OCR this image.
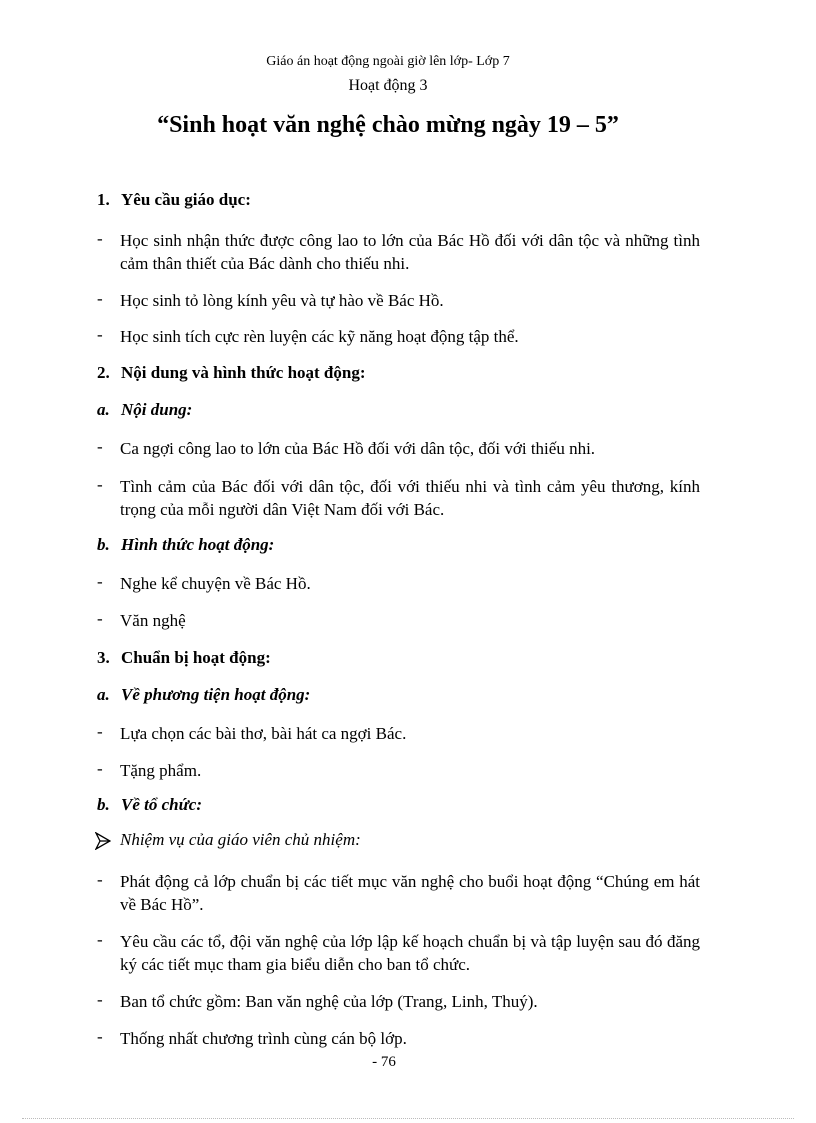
Giáo án hoạt động ngoài giờ lên lớp- Lớp 7
Hoạt động 3
“Sinh hoạt văn nghệ chào mừng ngày 19 – 5”
1. Yêu cầu giáo dục:
- Học sinh nhận thức được công lao to lớn của Bác Hồ đối với dân tộc và những tình cảm thân thiết của Bác dành cho thiếu nhi.
- Học sinh tỏ lòng kính yêu và tự hào về Bác Hồ.
- Học sinh tích cực rèn luyện các kỹ năng hoạt động tập thể.
2. Nội dung và hình thức hoạt động:
a. Nội dung:
- Ca ngợi công lao to lớn của Bác Hồ đối với dân tộc, đối với thiếu nhi.
- Tình cảm của Bác đối với dân tộc, đối với thiếu nhi và tình cảm yêu thương, kính trọng của mỗi người dân Việt Nam đối với Bác.
b. Hình thức hoạt động:
- Nghe kể chuyện về Bác Hồ.
- Văn nghệ
3. Chuẩn bị hoạt động:
a. Về phương tiện hoạt động:
- Lựa chọn các bài thơ, bài hát ca ngợi Bác.
- Tặng phẩm.
b. Về tổ chức:
Nhiệm vụ của giáo viên chủ nhiệm:
- Phát động cả lớp chuẩn bị các tiết mục văn nghệ cho buổi hoạt động “Chúng em hát về Bác Hồ”.
- Yêu cầu các tổ, đội văn nghệ của lớp lập kế hoạch chuẩn bị và tập luyện sau đó đăng ký các tiết mục tham gia biểu diễn cho ban tổ chức.
- Ban tổ chức gồm: Ban văn nghệ của lớp (Trang, Linh, Thuý).
- Thống nhất chương trình cùng cán bộ lớp.
- 76
